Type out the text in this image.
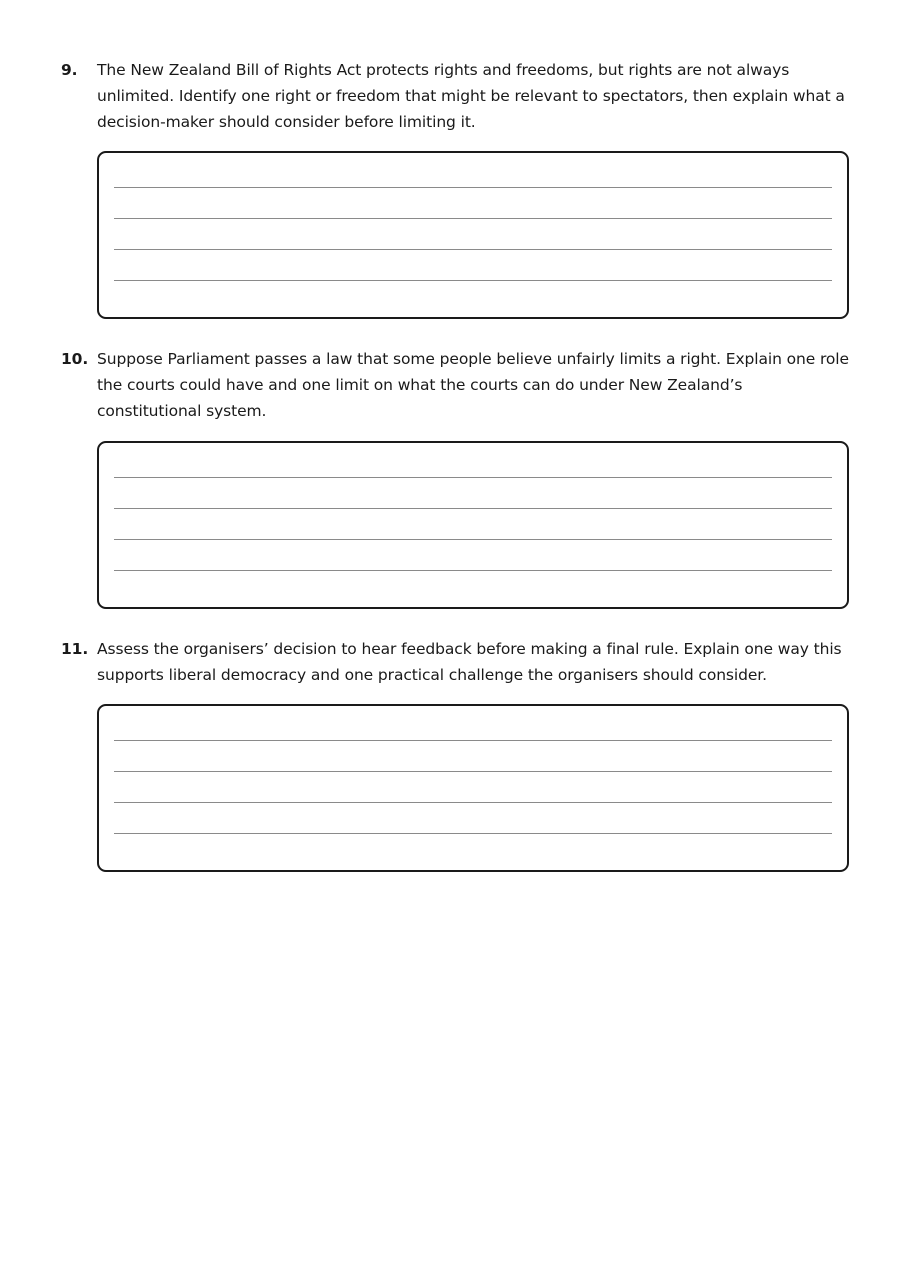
9. The New Zealand Bill of Rights Act protects rights and freedoms, but rights are not always unlimited. Identify one right or freedom that might be relevant to spectators, then explain what a decision-maker should consider before limiting it.
10. Suppose Parliament passes a law that some people believe unfairly limits a right. Explain one role the courts could have and one limit on what the courts can do under New Zealand’s constitutional system.
11. Assess the organisers’ decision to hear feedback before making a final rule. Explain one way this supports liberal democracy and one practical challenge the organisers should consider.
